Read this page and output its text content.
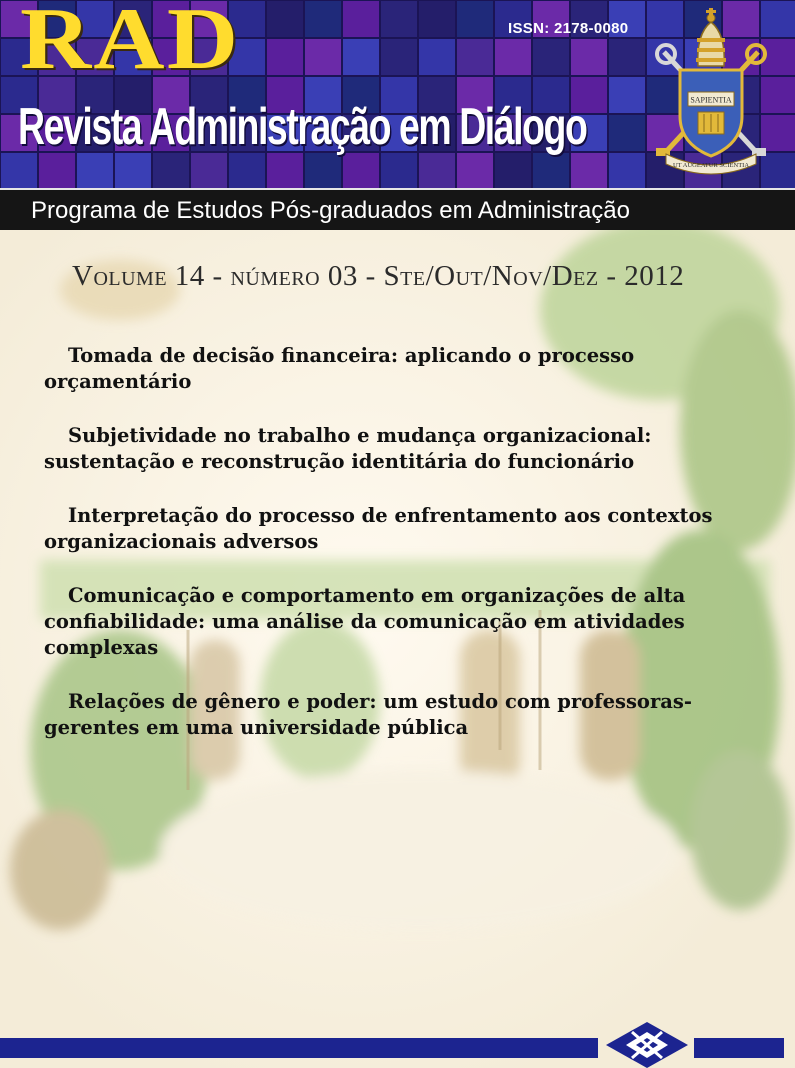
RAD
Revista Administração em Diálogo
ISSN: 2178-0080
SAPIENTIA
UT AUGEATUR SCIENTIA
Programa de Estudos Pós-graduados em Administração
Volume 14 - número 03 - Ste/Out/Nov/Dez - 2012

Tomada de decisão financeira: aplicando o processo orçamentário

Subjetividade no trabalho e mudança organizacional: sustentação e reconstrução identitária do funcionário

Interpretação do processo de enfrentamento aos contextos organizacionais adversos

Comunicação e comportamento em organizações de alta confiabilidade: uma análise da comunicação em atividades complexas

Relações de gênero e poder: um estudo com professoras-gerentes em uma universidade pública
